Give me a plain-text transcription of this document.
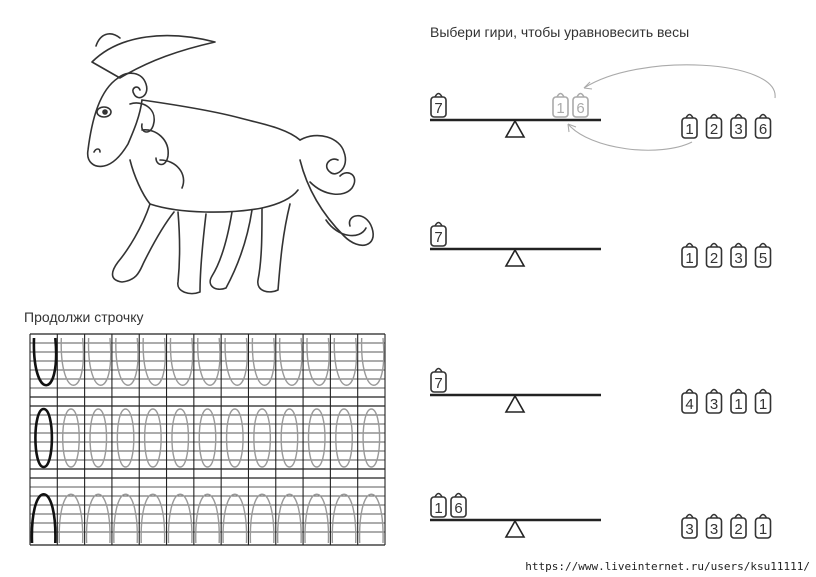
Выбери гири, чтобы уравновесить весы
Продолжи строчку
7	1 6
1 2 3 6
7
1 2 3 5
7
4 3 1 1
1 6
3 3 2 1
https://www.liveinternet.ru/users/ksu11111/
